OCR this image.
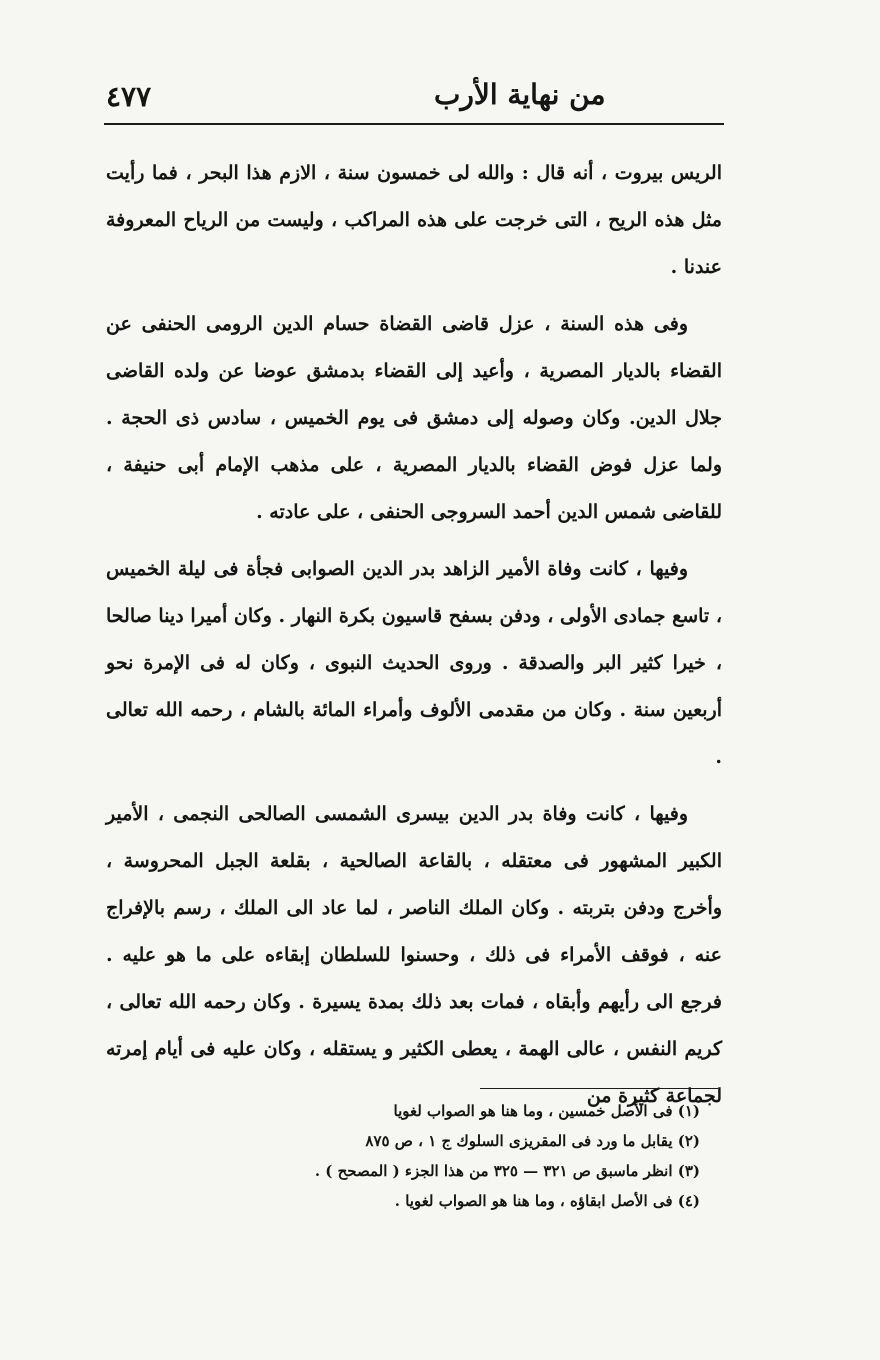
٤٧٧	من نهاية الأرب

الريس بيروت ، أنه قال : والله لى خمسون سنة ، الازم هذا البحر ، فما رأيت مثل هذه الريح ، التى خرجت على هذه المراكب ، وليست من الرياح المعروفة عندنا .

وفى هذه السنة ، عزل قاضى القضاة حسام الدين الرومى الحنفى عن القضاء بالديار المصرية ، وأعيد إلى القضاء بدمشق عوضا عن ولده القاضى جلال الدين. وكان وصوله إلى دمشق فى يوم الخميس ، سادس ذى الحجة . ولما عزل فوض القضاء بالديار المصرية ، على مذهب الإمام أبى حنيفة ، للقاضى شمس الدين أحمد السروجى الحنفى ، على عادته .

وفيها ، كانت وفاة الأمير الزاهد بدر الدين الصوابى فجأة فى ليلة الخميس ، تاسع جمادى الأولى ، ودفن بسفح قاسيون بكرة النهار . وكان أميرا دينا صالحا ، خيرا كثير البر والصدقة . وروى الحديث النبوى ، وكان له فى الإمرة نحو أربعين سنة . وكان من مقدمى الألوف وأمراء المائة بالشام ، رحمه الله تعالى .

وفيها ، كانت وفاة بدر الدين بيسرى الشمسى الصالحى النجمى ، الأمير الكبير المشهور فى معتقله ، بالقاعة الصالحية ، بقلعة الجبل المحروسة ، وأخرج ودفن بتربته . وكان الملك الناصر ، لما عاد الى الملك ، رسم بالإفراج عنه ، فوقف الأمراء فى ذلك ، وحسنوا للسلطان إبقاءه على ما هو عليه . فرجع الى رأيهم وأبقاه ، فمات بعد ذلك بمدة يسيرة . وكان رحمه الله تعالى ، كريم النفس ، عالى الهمة ، يعطى الكثير و يستقله ، وكان عليه فى أيام إمرته لجماعة كثيرة من

(١) فى الأصل خمسين ، وما هنا هو الصواب لغويا
(٢) يقابل ما ورد فى المقريزى السلوك ج ١ ، ص ٨٧٥
(٣) انظر ماسبق ص ٣٢١ — ٣٢٥ من هذا الجزء ( المصحح ) .
(٤) فى الأصل ابقاؤه ، وما هنا هو الصواب لغويا .
